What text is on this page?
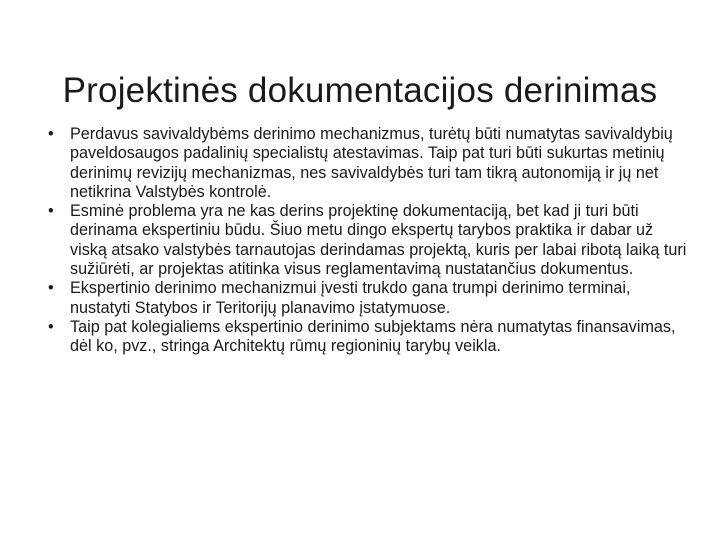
Projektinės dokumentacijos derinimas
•	Perdavus savivaldybėms derinimo mechanizmus, turėtų būti numatytas savivaldybių paveldosaugos padalinių specialistų atestavimas. Taip pat turi būti sukurtas metinių derinimų revizijų mechanizmas, nes savivaldybės turi tam tikrą autonomiją ir jų net netikrina Valstybės kontrolė.
•	Esminė problema yra ne kas derins projektinę dokumentaciją, bet kad ji turi būti derinama ekspertiniu būdu. Šiuo metu dingo ekspertų tarybos praktika ir dabar už viską atsako valstybės tarnautojas derindamas projektą, kuris per labai ribotą laiką turi sužiūrėti, ar projektas atitinka visus reglamentavimą nustatančius dokumentus.
•	Ekspertinio derinimo mechanizmui įvesti trukdo gana trumpi derinimo terminai, nustatyti Statybos ir Teritorijų planavimo įstatymuose.
•	Taip pat kolegialiems ekspertinio derinimo subjektams nėra numatytas finansavimas, dėl ko, pvz., stringa Architektų rūmų regioninių tarybų veikla.
